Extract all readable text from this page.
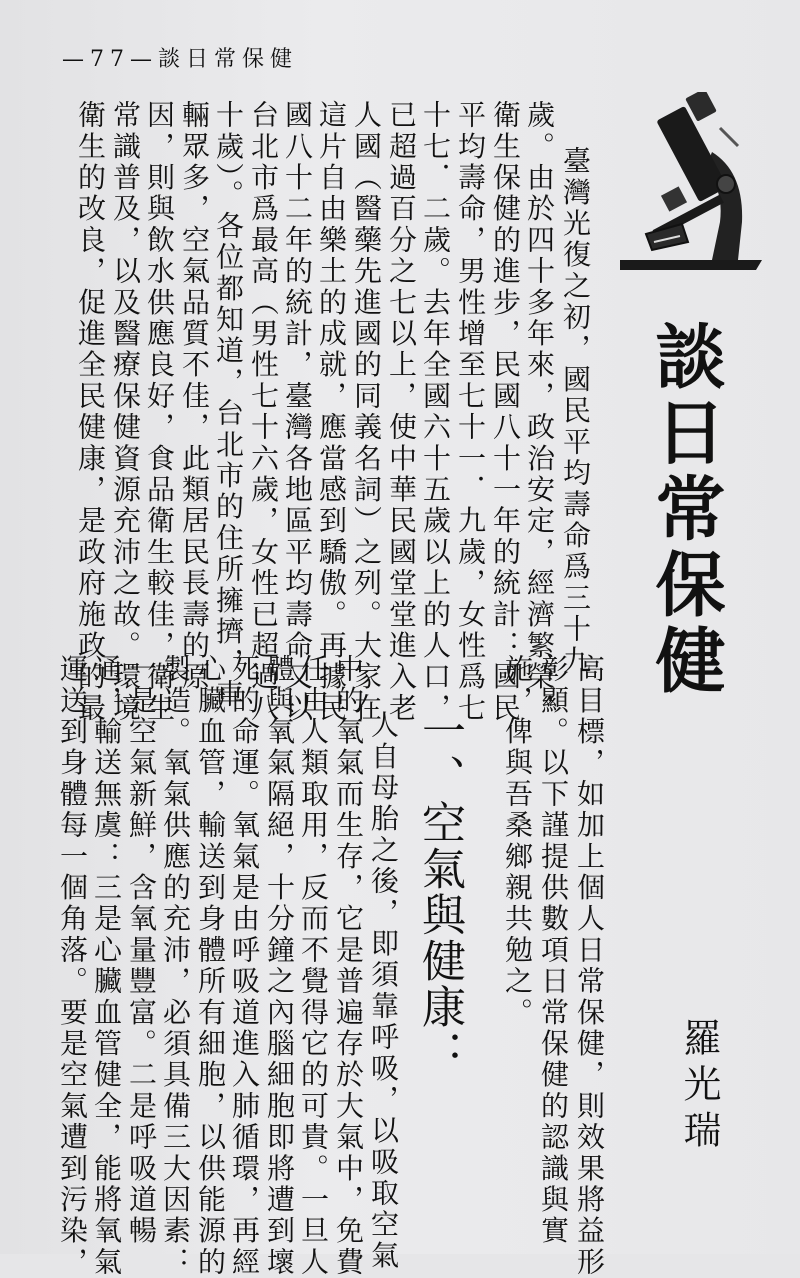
—77—談日常保健
談日常保健
羅光瑞
一、空氣與健康：
臺灣光復之初，國民平均壽命爲三十九
歲。由於四十多年來，政治安定，經濟繁榮，
衛生保健的進步，民國八十一年的統計：國民
平均壽命，男性增至七十一．九歲，女性爲七
十七．二歲。去年全國六十五歲以上的人口，
已超過百分之七以上，使中華民國堂堂進入老
人國（醫藥先進國的同義名詞）之列。大家在
這片自由樂土的成就，應當感到驕傲。再據民
國八十二年的統計，臺灣各地區平均壽命又以
台北市爲最高（男性七十六歲，女性已超過八
十歲）。各位都知道，台北市的住所擁擠，車
輛眾多，空氣品質不佳，此類居民長壽的原
因，則與飲水供應良好，食品衛生較佳，衛生
常識普及，以及醫療保健資源充沛之故。環境
衛生的改良，促進全民健康，是政府施政的最
高目標，如加上個人日常保健，則效果將益形
彰顯。以下謹提供數項日常保健的認識與實
施，俾與吾桑鄉親共勉之。
人自母胎之後，即須靠呼吸，以吸取空氣
中的氧氣而生存，它是普遍存於大氣中，免費
任由人類取用，反而不覺得它的可貴。一旦人
體與氧氣隔絕，十分鐘之內腦細胞即將遭到壞
死的命運。氧氣是由呼吸道進入肺循環，再經
心臟血管，輸送到身體所有細胞，以供能源的
製造。氧氣供應的充沛，必須具備三大因素：
一是空氣新鮮，含氧量豐富。二是呼吸道暢
通，輸送無虞：三是心臟血管健全，能將氧氣
運送到身體每一個角落。要是空氣遭到污染，
